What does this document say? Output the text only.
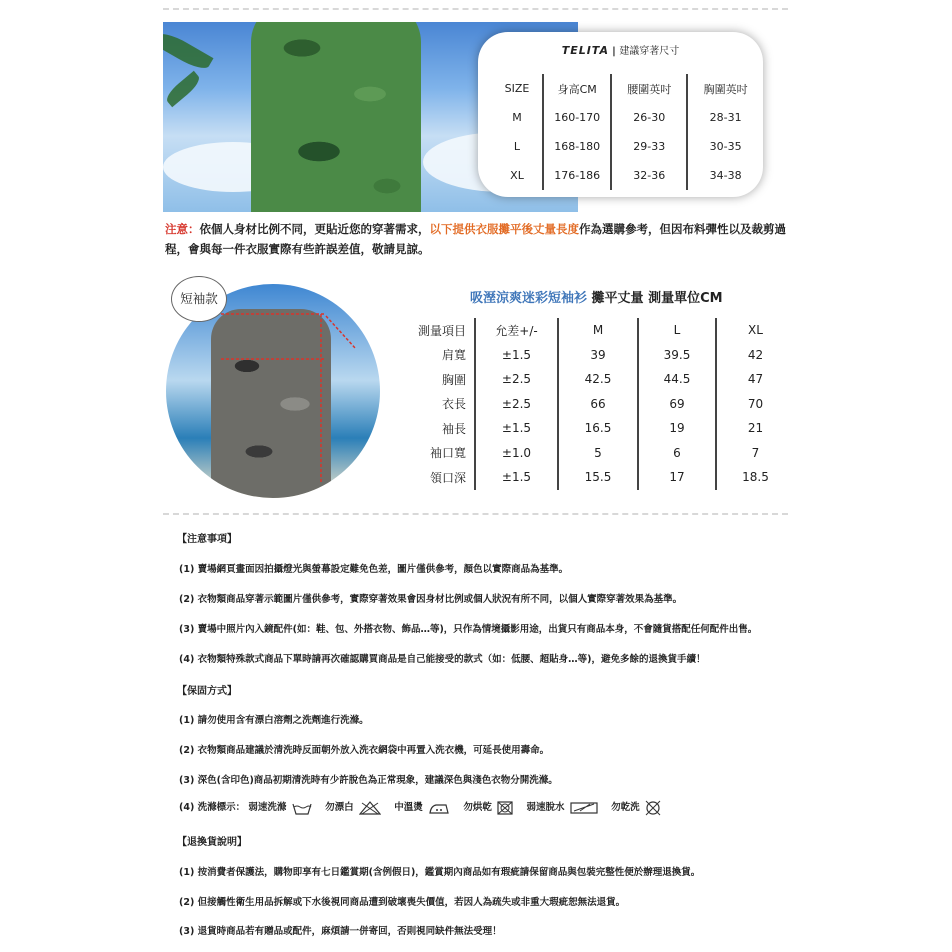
TELITA | 建議穿著尺寸
SIZE	身高CM	腰圍英吋	胸圍英吋
M	160-170	26-30	28-31
L	168-180	29-33	30-35
XL	176-186	32-36	34-38
注意：依個人身材比例不同，更貼近您的穿著需求，以下提供衣服攤平後丈量長度作為選購參考，但因布料彈性以及裁剪過程，會與每一件衣服實際有些許誤差值，敬請見諒。
短袖款	吸溼涼爽迷彩短袖衫 攤平丈量 測量單位CM
測量項目	允差+/-	M	L	XL
肩寬	±1.5	39	39.5	42
胸圍	±2.5	42.5	44.5	47
衣長	±2.5	66	69	70
袖長	±1.5	16.5	19	21
袖口寬	±1.0	5	6	7
領口深	±1.5	15.5	17	18.5
【注意事項】
(1) 賣場網頁畫面因拍攝燈光與螢幕設定難免色差，圖片僅供參考，顏色以實際商品為基準。
(2) 衣物類商品穿著示範圖片僅供參考，實際穿著效果會因身材比例或個人狀況有所不同，以個人實際穿著效果為基準。
(3) 賣場中照片內入鏡配件(如：鞋、包、外搭衣物、飾品…等)，只作為情境攝影用途，出貨只有商品本身，不會隨貨搭配任何配件出售。
(4) 衣物類特殊款式商品下單時請再次確認購買商品是自己能接受的款式（如：低腰、超貼身…等)，避免多餘的退換貨手續！
【保固方式】
(1) 請勿使用含有漂白溶劑之洗劑進行洗滌。
(2) 衣物類商品建議於清洗時反面朝外放入洗衣網袋中再置入洗衣機，可延長使用壽命。
(3) 深色(含印色)商品初期清洗時有少許脫色為正常現象，建議深色與淺色衣物分開洗滌。
(4) 洗滌標示： 弱速洗滌	勿漂白	中溫燙	勿烘乾	弱速脫水	勿乾洗
【退換貨說明】
(1) 按消費者保護法，購物即享有七日鑑賞期(含例假日)，鑑賞期內商品如有瑕疵請保留商品與包裝完整性便於辦理退換貨。
(2) 但接觸性衛生用品拆解或下水後視同商品遭到破壞喪失價值，若因人為疏失或非重大瑕疵恕無法退貨。
(3) 退貨時商品若有贈品或配件，麻煩請一併寄回，否則視同缺件無法受理！
